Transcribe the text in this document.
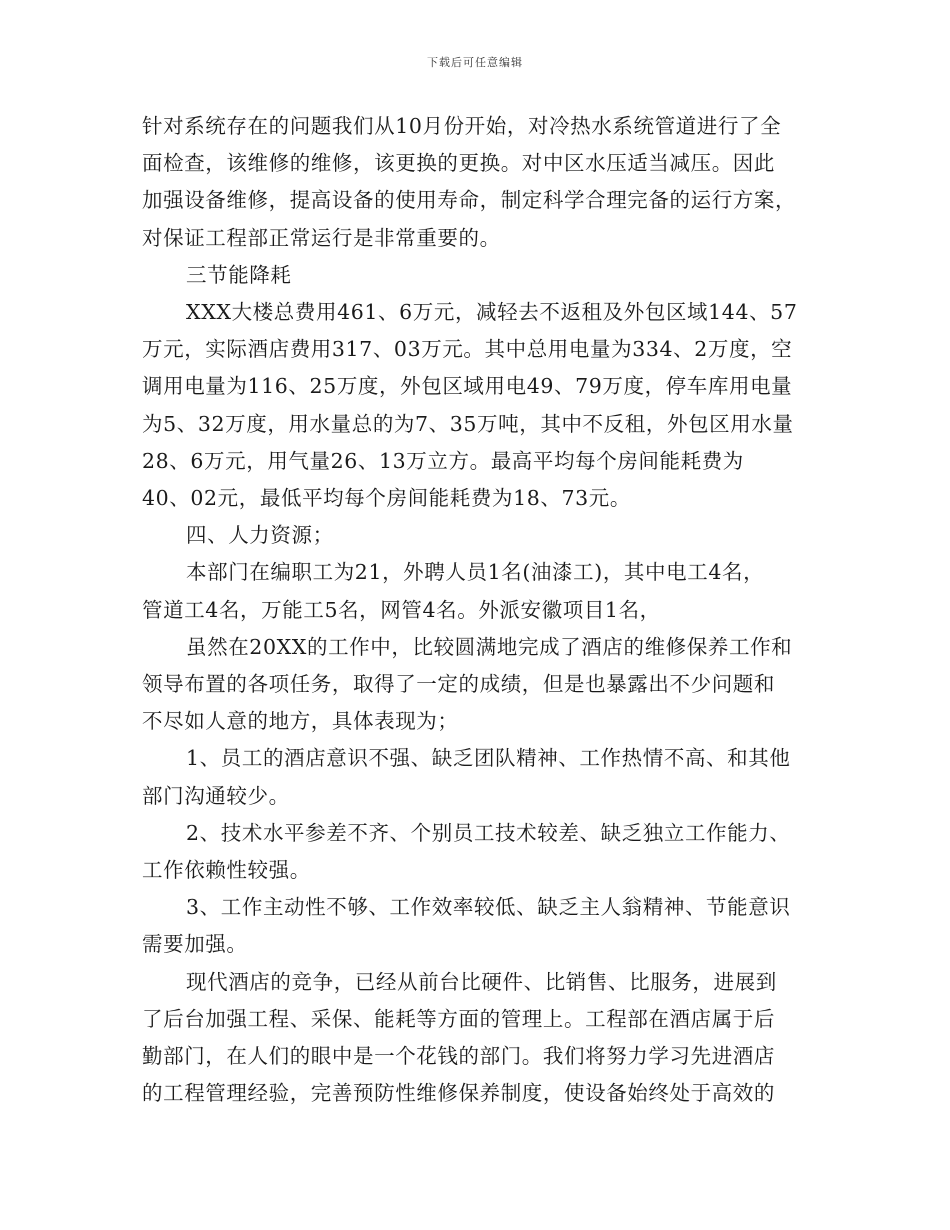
下载后可任意编辑
针对系统存在的问题我们从10月份开始，对冷热水系统管道进行了全
面检查，该维修的维修，该更换的更换。对中区水压适当减压。因此
加强设备维修，提高设备的使用寿命，制定科学合理完备的运行方案，
对保证工程部正常运行是非常重要的。
三节能降耗
XXX大楼总费用461、6万元，减轻去不返租及外包区域144、57
万元，实际酒店费用317、03万元。其中总用电量为334、2万度，空
调用电量为116、25万度，外包区域用电49、79万度，停车库用电量
为5、32万度，用水量总的为7、35万吨，其中不反租，外包区用水量
28、6万元，用气量26、13万立方。最高平均每个房间能耗费为
40、02元，最低平均每个房间能耗费为18、73元。
四、人力资源；
本部门在编职工为21，外聘人员1名(油漆工)，其中电工4名，
管道工4名，万能工5名，网管4名。外派安徽项目1名，
虽然在20XX的工作中，比较圆满地完成了酒店的维修保养工作和
领导布置的各项任务，取得了一定的成绩，但是也暴露出不少问题和
不尽如人意的地方，具体表现为；
1、员工的酒店意识不强、缺乏团队精神、工作热情不高、和其他
部门沟通较少。
2、技术水平参差不齐、个别员工技术较差、缺乏独立工作能力、
工作依赖性较强。
3、工作主动性不够、工作效率较低、缺乏主人翁精神、节能意识
需要加强。
现代酒店的竞争，已经从前台比硬件、比销售、比服务，进展到
了后台加强工程、采保、能耗等方面的管理上。工程部在酒店属于后
勤部门，在人们的眼中是一个花钱的部门。我们将努力学习先进酒店
的工程管理经验，完善预防性维修保养制度，使设备始终处于高效的
